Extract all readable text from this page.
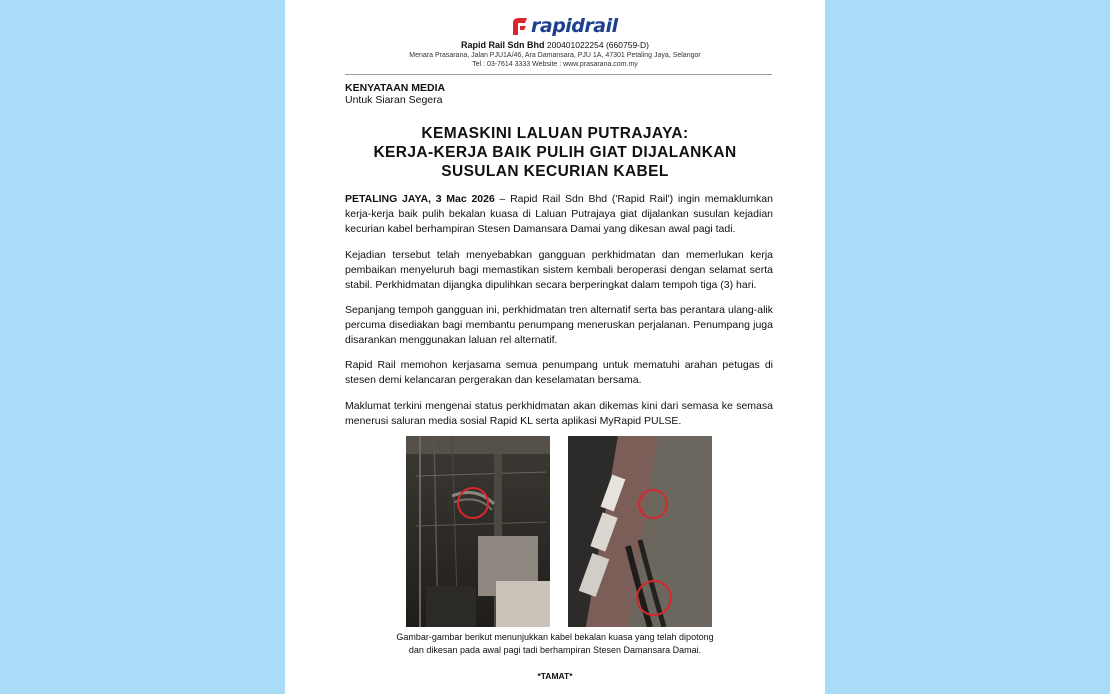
rapidrail
Rapid Rail Sdn Bhd 200401022254 (660759-D)
Menara Prasarana, Jalan PJU1A/46, Ara Damansara, PJU 1A, 47301 Petaling Jaya, Selangor
Tel : 03-7614 3333 Website : www.prasarana.com.my
KENYATAAN MEDIA
Untuk Siaran Segera
KEMASKINI LALUAN PUTRAJAYA:
KERJA-KERJA BAIK PULIH GIAT DIJALANKAN
SUSULAN KECURIAN KABEL
PETALING JAYA, 3 Mac 2026 – Rapid Rail Sdn Bhd ('Rapid Rail') ingin memaklumkan kerja-kerja baik pulih bekalan kuasa di Laluan Putrajaya giat dijalankan susulan kejadian kecurian kabel berhampiran Stesen Damansara Damai yang dikesan awal pagi tadi.
Kejadian tersebut telah menyebabkan gangguan perkhidmatan dan memerlukan kerja pembaikan menyeluruh bagi memastikan sistem kembali beroperasi dengan selamat serta stabil. Perkhidmatan dijangka dipulihkan secara berperingkat dalam tempoh tiga (3) hari.
Sepanjang tempoh gangguan ini, perkhidmatan tren alternatif serta bas perantara ulang-alik percuma disediakan bagi membantu penumpang meneruskan perjalanan. Penumpang juga disarankan menggunakan laluan rel alternatif.
Rapid Rail memohon kerjasama semua penumpang untuk mematuhi arahan petugas di stesen demi kelancaran pergerakan dan keselamatan bersama.
Maklumat terkini mengenai status perkhidmatan akan dikemas kini dari semasa ke semasa menerusi saluran media sosial Rapid KL serta aplikasi MyRapid PULSE.
Gambar-gambar berikut menunjukkan kabel bekalan kuasa yang telah dipotong
dan dikesan pada awal pagi tadi berhampiran Stesen Damansara Damai.
*TAMAT*
